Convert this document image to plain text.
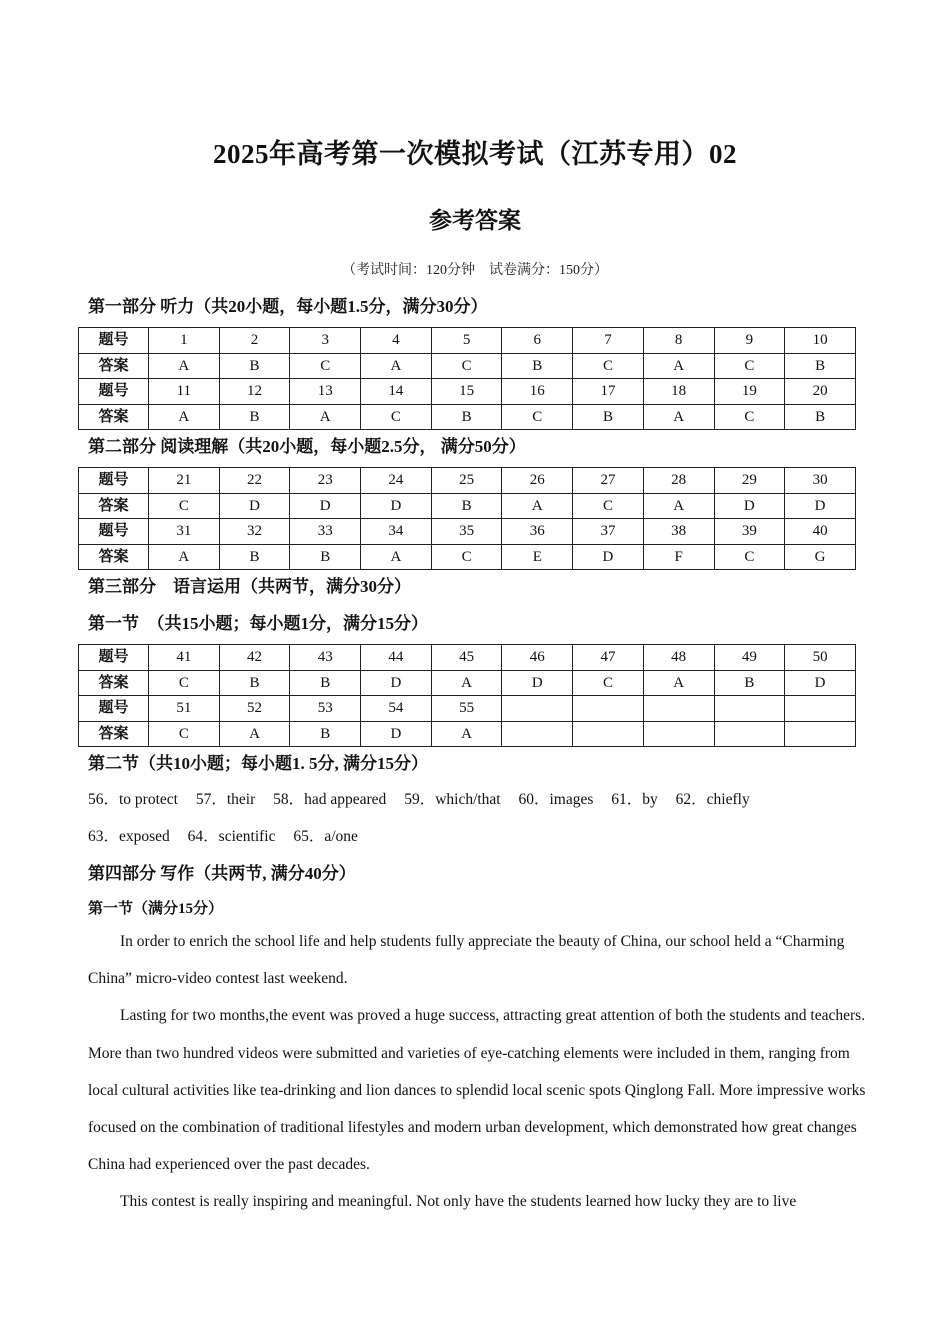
2025年高考第一次模拟考试（江苏专用）02
参考答案
（考试时间：120分钟　试卷满分：150分）
第一部分 听力（共20小题，每小题1.5分，满分30分）
题号	1	2	3	4	5	6	7	8	9	10
答案	A	B	C	A	C	B	C	A	C	B
题号	11	12	13	14	15	16	17	18	19	20
答案	A	B	A	C	B	C	B	A	C	B
第二部分 阅读理解（共20小题，每小题2.5分， 满分50分）
题号	21	22	23	24	25	26	27	28	29	30
答案	C	D	D	D	B	A	C	A	D	D
题号	31	32	33	34	35	36	37	38	39	40
答案	A	B	B	A	C	E	D	F	C	G
第三部分　语言运用（共两节，满分30分）
第一节　（共15小题；每小题1分，满分15分）
题号	41	42	43	44	45	46	47	48	49	50
答案	C	B	B	D	A	D	C	A	B	D
题号	51	52	53	54	55					
答案	C	A	B	D	A					
第二节（共10小题；每小题1. 5分, 满分15分）
56．to protect 57．their 58．had appeared 59．which/that 60．images 61．by 62．chiefly
63．exposed 64．scientific 65．a/one
第四部分 写作（共两节, 满分40分）
第一节（满分15分）

In order to enrich the school life and help students fully appreciate the beauty of China, our school held a “Charming China” micro-video contest last weekend.

Lasting for two months,the event was proved a huge success, attracting great attention of both the students and teachers. More than two hundred videos were submitted and varieties of eye-catching elements were included in them, ranging from local cultural activities like tea-drinking and lion dances to splendid local scenic spots Qinglong Fall. More impressive works focused on the combination of traditional lifestyles and modern urban development, which demonstrated how great changes China had experienced over the past decades.

This contest is really inspiring and meaningful. Not only have the students learned how lucky they are to live
